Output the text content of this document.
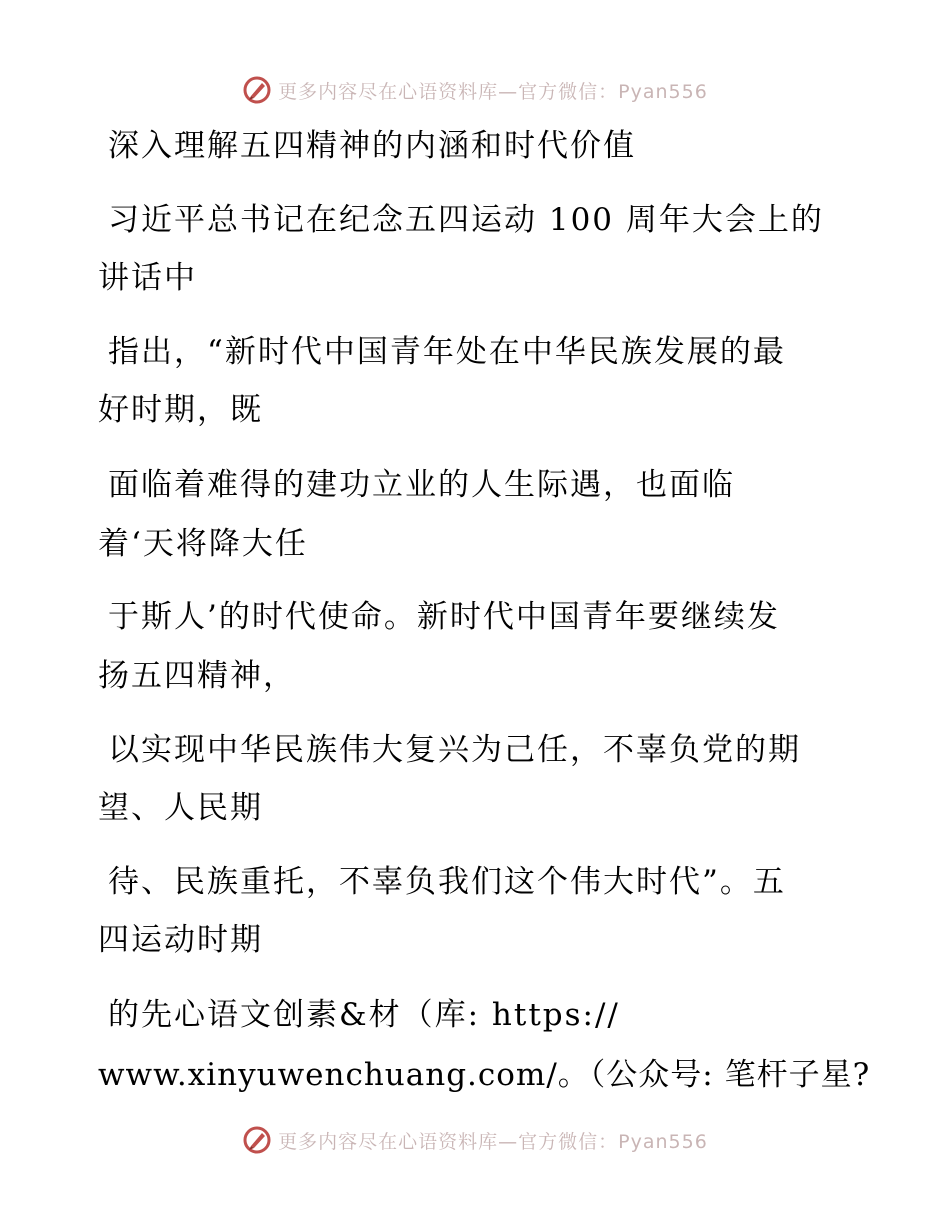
更多内容尽在心语资料库—官方微信：Pyan556
深入理解五四精神的内涵和时代价值
习近平总书记在纪念五四运动 100 周年大会上的
讲话中
指出，“新时代中国青年处在中华民族发展的最
好时期，既
面临着难得的建功立业的人生际遇，也面临
着‘天将降大任
于斯人’的时代使命。新时代中国青年要继续发
扬五四精神，
以实现中华民族伟大复兴为己任，不辜负党的期
望、人民期
待、民族重托，不辜负我们这个伟大时代”。五
四运动时期
的先心语文创素&材（库: https://
www.xinyuwenchuang.com/。（公众号: 笔杆子星?
更多内容尽在心语资料库—官方微信：Pyan556
